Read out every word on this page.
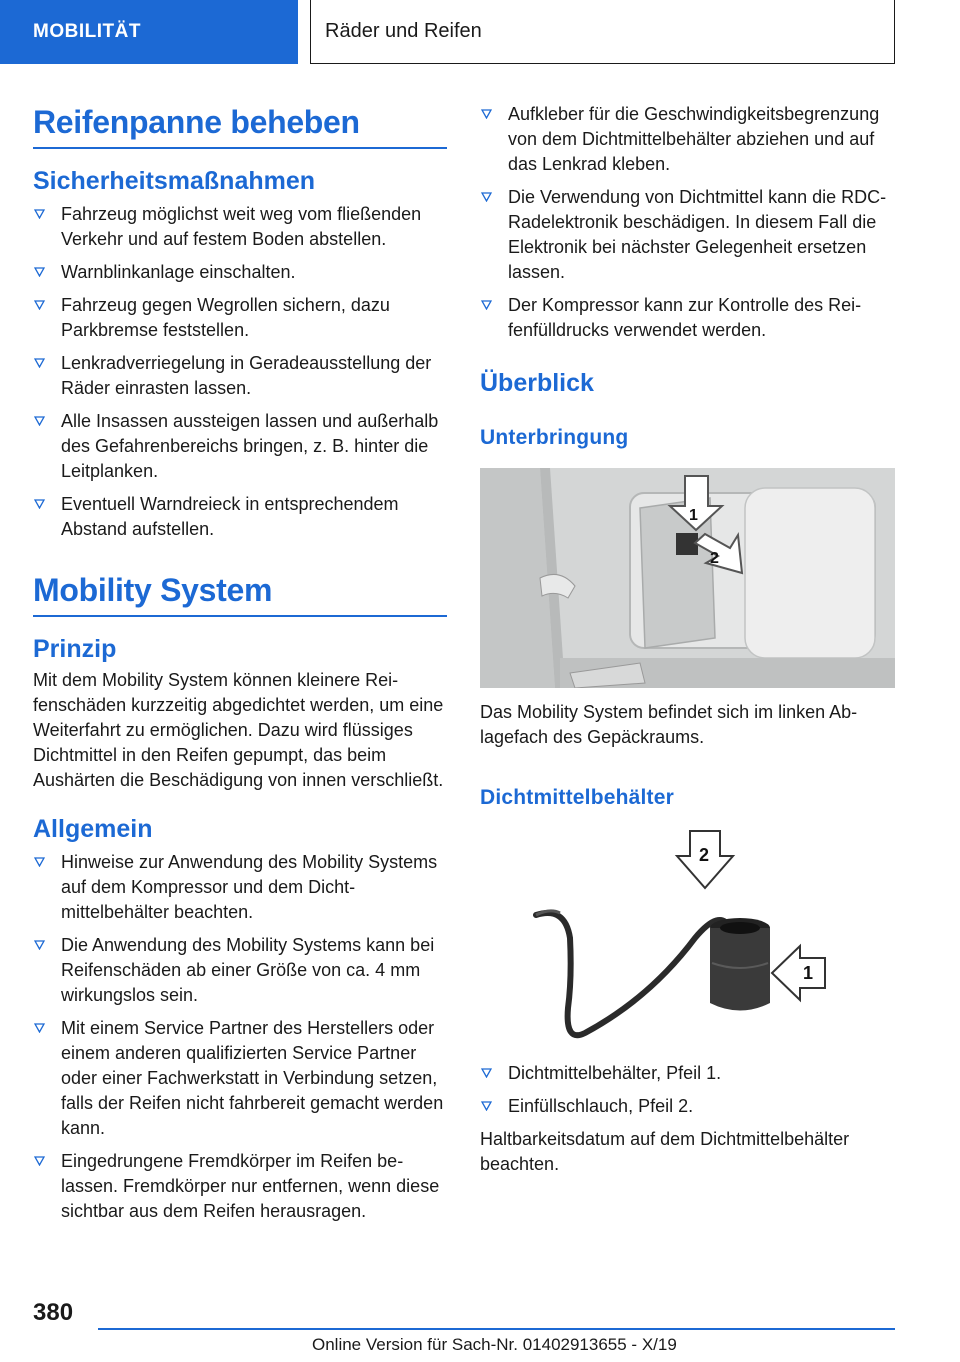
MOBILITÄT	Räder und Reifen
Reifenpanne beheben
Sicherheitsmaßnahmen
Fahrzeug möglichst weit weg vom fließenden Verkehr und auf festem Boden abstellen.
Warnblinkanlage einschalten.
Fahrzeug gegen Wegrollen sichern, dazu Parkbremse feststellen.
Lenkradverriegelung in Geradeausstellung der Räder einrasten lassen.
Alle Insassen aussteigen lassen und außerhalb des Gefahrenbereichs bringen, z. B. hinter die Leitplanken.
Eventuell Warndreieck in entsprechendem Abstand aufstellen.
Mobility System
Prinzip

Mit dem Mobility System können kleinere Reifenschäden kurzzeitig abgedichtet werden, um eine Weiterfahrt zu ermöglichen. Dazu wird flüssiges Dichtmittel in den Reifen gepumpt, das beim Aushärten die Beschädigung von innen verschließt.

Allgemein
Hinweise zur Anwendung des Mobility Systems auf dem Kompressor und dem Dichtmittelbehälter beachten.
Die Anwendung des Mobility Systems kann bei Reifenschäden ab einer Größe von ca. 4 mm wirkungslos sein.
Mit einem Service Partner des Herstellers oder einem anderen qualifizierten Service Partner oder einer Fachwerkstatt in Verbindung setzen, falls der Reifen nicht fahrbereit gemacht werden kann.
Eingedrungene Fremdkörper im Reifen belassen. Fremdkörper nur entfernen, wenn diese sichtbar aus dem Reifen herausragen.
Aufkleber für die Geschwindigkeitsbegrenzung von dem Dichtmittelbehälter abziehen und auf das Lenkrad kleben.
Die Verwendung von Dichtmittel kann die RDC-Radelektronik beschädigen. In diesem Fall die Elektronik bei nächster Gelegenheit ersetzen lassen.
Der Kompressor kann zur Kontrolle des Reifenfülldrucks verwendet werden.
Überblick
Unterbringung
1
2

Das Mobility System befindet sich im linken Ablagefach des Gepäckraums.

Dichtmittelbehälter
2
1
Dichtmittelbehälter, Pfeil 1.
Einfüllschlauch, Pfeil 2.

Haltbarkeitsdatum auf dem Dichtmittelbehälter beachten.

380
Online Version für Sach-Nr. 01402913655 - X/19
